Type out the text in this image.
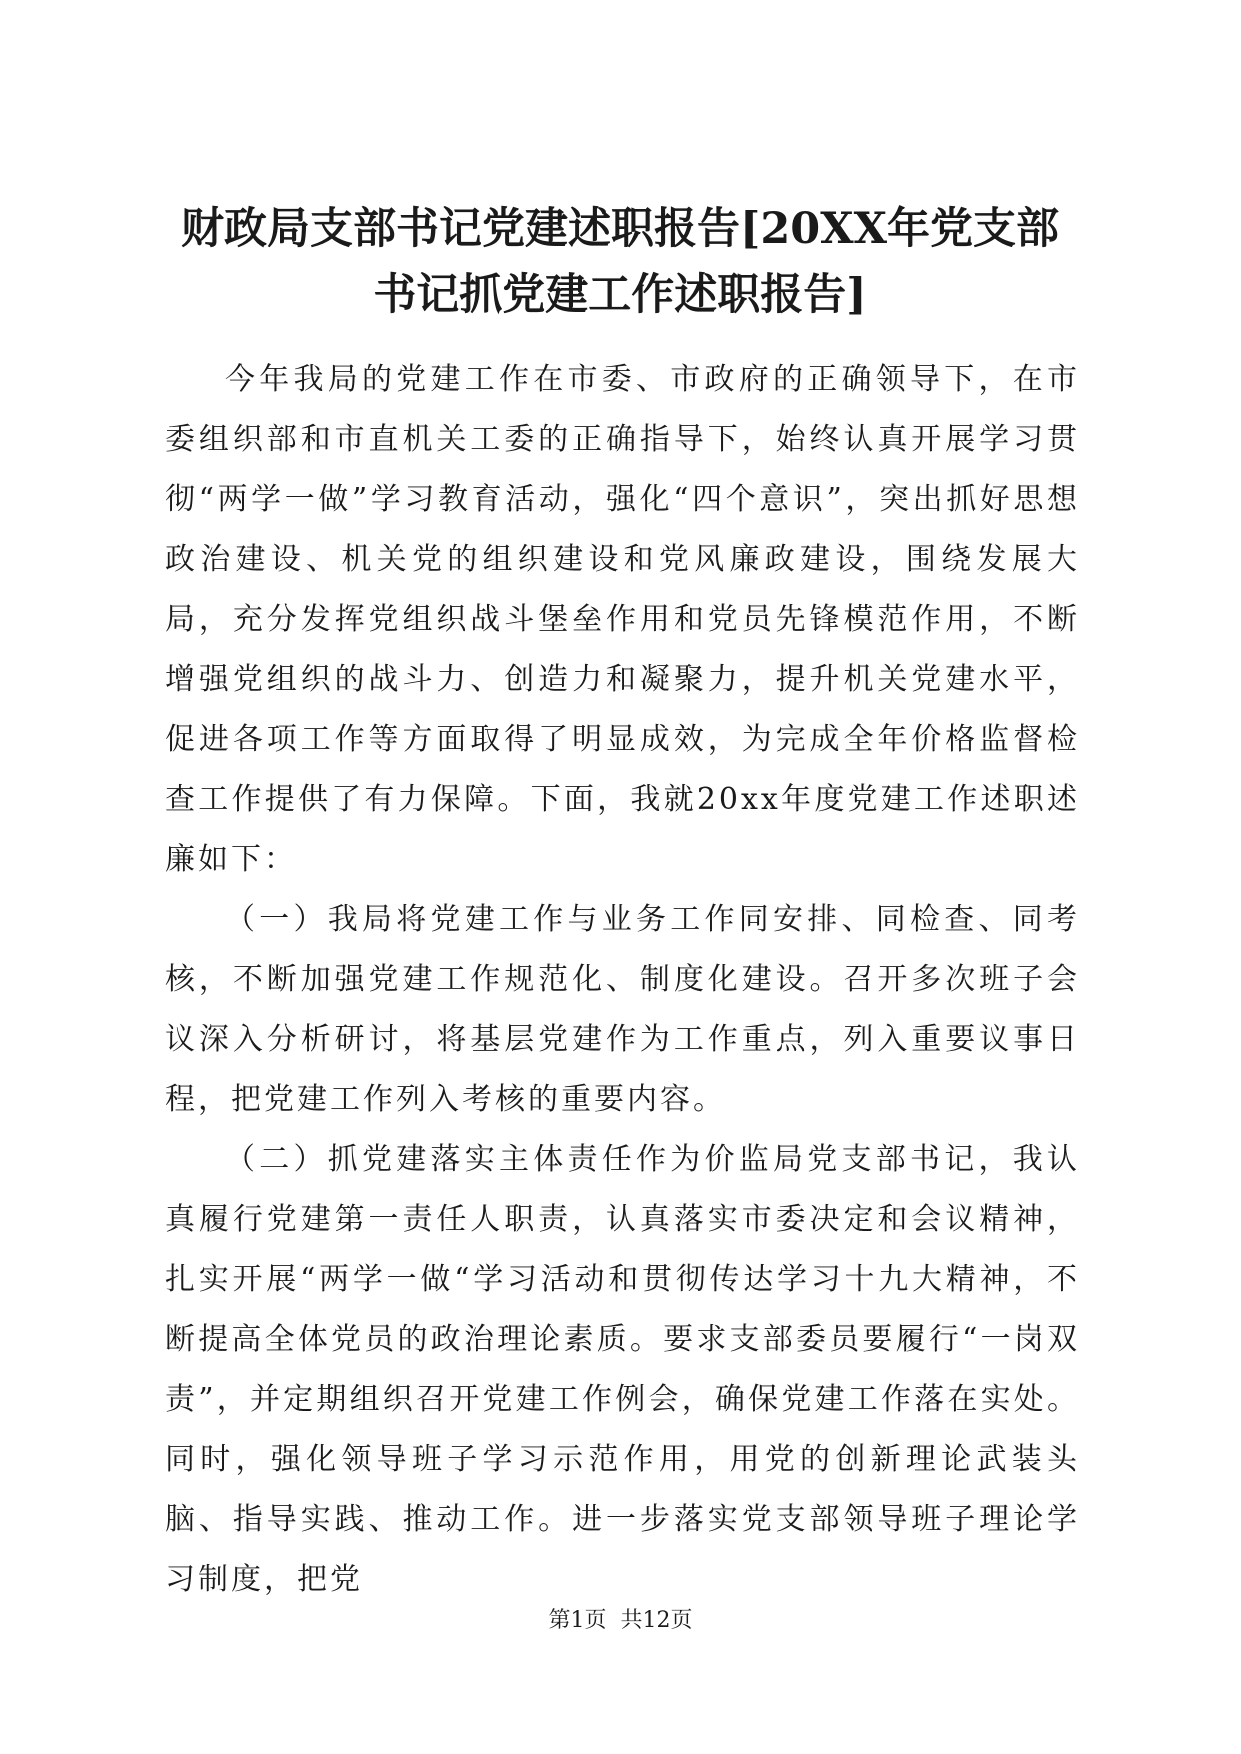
财政局支部书记党建述职报告[20XX年党支部
书记抓党建工作述职报告]

今年我局的党建工作在市委、市政府的正确领导下，在市委组织部和市直机关工委的正确指导下，始终认真开展学习贯彻“两学一做”学习教育活动，强化“四个意识”，突出抓好思想政治建设、机关党的组织建设和党风廉政建设，围绕发展大局，充分发挥党组织战斗堡垒作用和党员先锋模范作用，不断增强党组织的战斗力、创造力和凝聚力，提升机关党建水平，促进各项工作等方面取得了明显成效，为完成全年价格监督检查工作提供了有力保障。下面，我就20xx年度党建工作述职述廉如下：

（一）我局将党建工作与业务工作同安排、同检查、同考核，不断加强党建工作规范化、制度化建设。召开多次班子会议深入分析研讨，将基层党建作为工作重点，列入重要议事日程，把党建工作列入考核的重要内容。

（二）抓党建落实主体责任作为价监局党支部书记，我认真履行党建第一责任人职责，认真落实市委决定和会议精神，扎实开展“两学一做“学习活动和贯彻传达学习十九大精神，不断提高全体党员的政治理论素质。要求支部委员要履行“一岗双责”，并定期组织召开党建工作例会，确保党建工作落在实处。同时，强化领导班子学习示范作用，用党的创新理论武装头脑、指导实践、推动工作。进一步落实党支部领导班子理论学习制度，把党

第1页 共12页
